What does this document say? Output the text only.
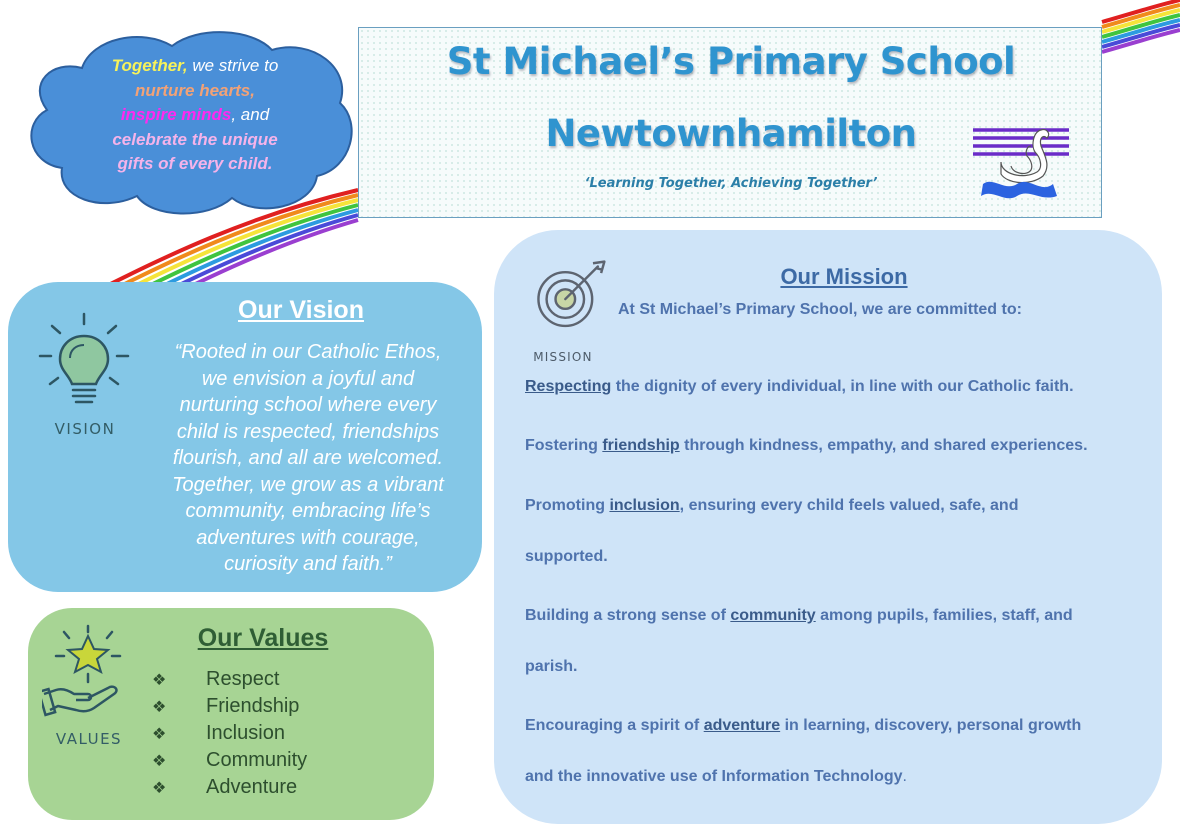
Together, we strive to
nurture hearts,
inspire minds, and
celebrate the unique
gifts of every child.
St Michael’s Primary School
Newtownhamilton
‘Learning Together, Achieving Together’
VISION
Our Vision
“Rooted in our Catholic Ethos,
we envision a joyful and
nurturing school where every
child is respected, friendships
flourish, and all are welcomed.
Together, we grow as a vibrant
community, embracing life’s
adventures with courage,
curiosity and faith.”
VALUES
Our Values
❖	Respect
❖	Friendship
❖	Inclusion
❖	Community
❖	Adventure
MISSION
Our Mission
At St Michael’s Primary School, we are committed to:
Respecting the dignity of every individual, in line with our Catholic faith.
Fostering friendship through kindness, empathy, and shared experiences.
Promoting inclusion, ensuring every child feels valued, safe, and
supported.
Building a strong sense of community among pupils, families, staff, and
parish.
Encouraging a spirit of adventure in learning, discovery, personal growth
and the innovative use of Information Technology.
